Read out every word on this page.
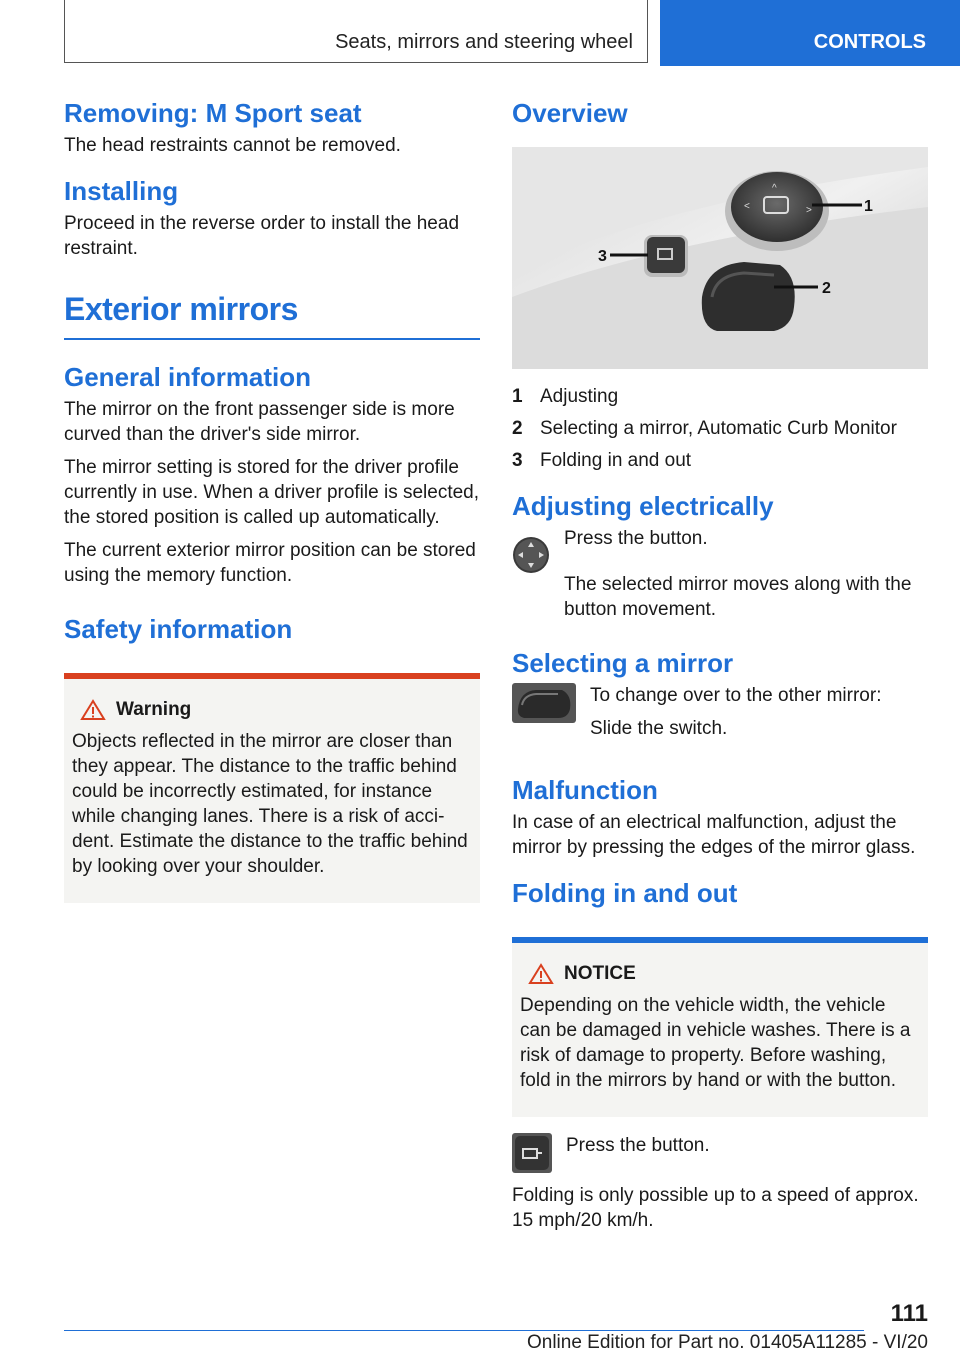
Seats, mirrors and steering wheel	CONTROLS
Removing: M Sport seat

The head restraints cannot be removed.

Installing

Proceed in the reverse order to install the head restraint.

Exterior mirrors
General information

The mirror on the front passenger side is more curved than the driver's side mirror.

The mirror setting is stored for the driver profile currently in use. When a driver profile is selected, the stored position is called up automatically.

The current exterior mirror position can be stored using the memory function.

Safety information
Warning

Objects reflected in the mirror are closer than they appear. The distance to the traffic behind could be incorrectly estimated, for instance while changing lanes. There is a risk of acci-dent. Estimate the distance to the traffic behind by looking over your shoulder.

Overview
<	>
^
1
2
3
1 Adjusting
2 Selecting a mirror, Automatic Curb Monitor
3 Folding in and out
Adjusting electrically

Press the button.

The selected mirror moves along with the button movement.

Selecting a mirror

To change over to the other mirror:

Slide the switch.

Malfunction

In case of an electrical malfunction, adjust the mirror by pressing the edges of the mirror glass.

Folding in and out
NOTICE

Depending on the vehicle width, the vehicle can be damaged in vehicle washes. There is a risk of damage to property. Before washing, fold in the mirrors by hand or with the button.

Press the button.

Folding is only possible up to a speed of approx. 15 mph/20 km/h.

111
Online Edition for Part no. 01405A11285 - VI/20
